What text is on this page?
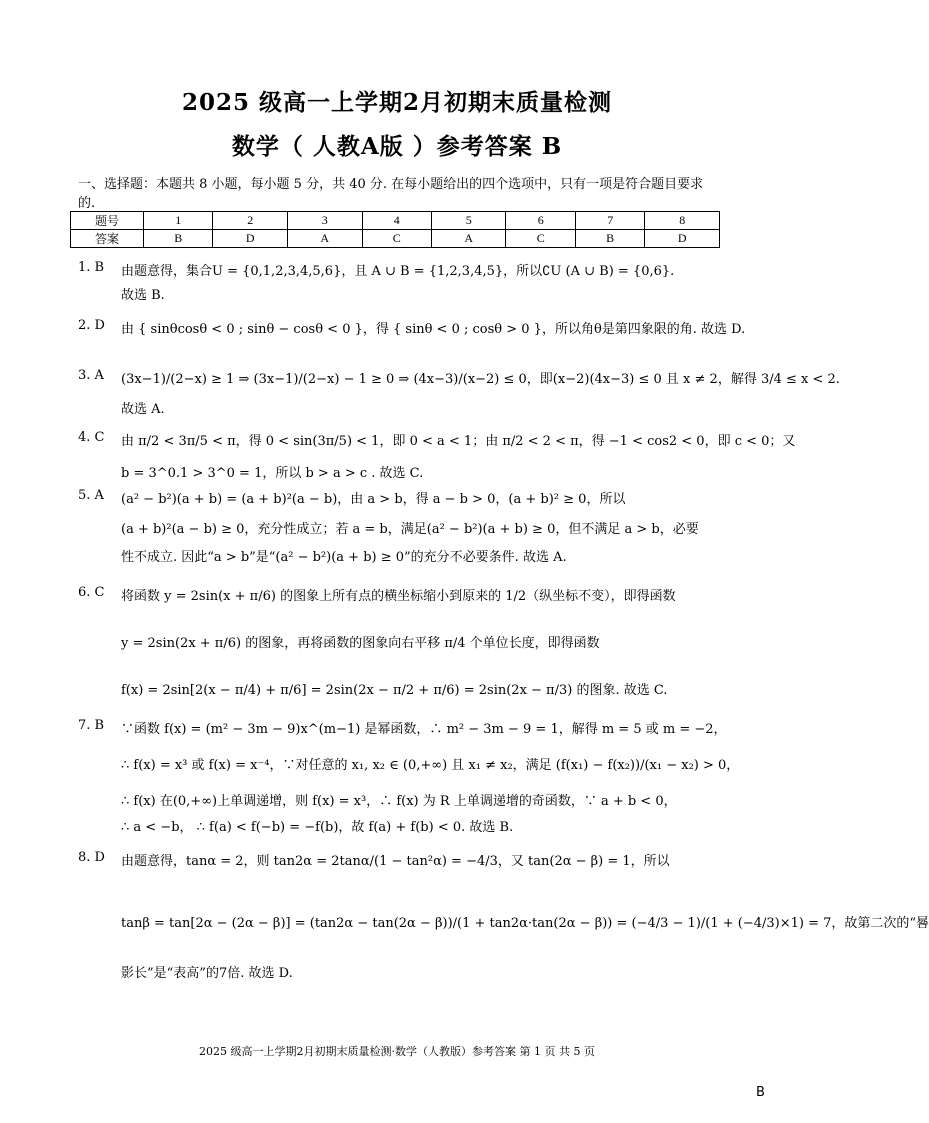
2025 级高一上学期2月初期末质量检测
数学（ 人教A版 ）参考答案 B
一、选择题：本题共 8 小题，每小题 5 分，共 40 分. 在每小题给出的四个选项中，只有一项是符合题目要求的.
题号	1	2	3	4	5	6	7	8
答案	B	D	A	C	A	C	B	D
1. B	由题意得，集合U = {0,1,2,3,4,5,6}，且 A ∪ B = {1,2,3,4,5}，所以∁U (A ∪ B) = {0,6}.
故选 B.
2. D 由 { sinθcosθ < 0 ; sinθ − cosθ < 0 }，得 { sinθ < 0 ; cosθ > 0 }，所以角θ是第四象限的角. 故选 D.
3. A	(3x−1)/(2−x) ≥ 1 ⇒ (3x−1)/(2−x) − 1 ≥ 0 ⇒ (4x−3)/(x−2) ≤ 0，即(x−2)(4x−3) ≤ 0 且 x ≠ 2，解得 3/4 ≤ x < 2.
故选 A.
4. C 由 π/2 < 3π/5 < π，得 0 < sin(3π/5) < 1，即 0 < a < 1；由 π/2 < 2 < π，得 −1 < cos2 < 0，即 c < 0；又
b = 3^0.1 > 3^0 = 1，所以 b > a > c . 故选 C.
5. A	(a² − b²)(a + b) = (a + b)²(a − b)，由 a > b，得 a − b > 0，(a + b)² ≥ 0，所以
(a + b)²(a − b) ≥ 0，充分性成立；若 a = b，满足(a² − b²)(a + b) ≥ 0，但不满足 a > b，必要
性不成立. 因此“a > b”是“(a² − b²)(a + b) ≥ 0”的充分不必要条件. 故选 A.
6. C 将函数 y = 2sin(x + π/6) 的图象上所有点的横坐标缩小到原来的 1/2（纵坐标不变），即得函数
y = 2sin(2x + π/6) 的图象，再将函数的图象向右平移 π/4 个单位长度，即得函数
f(x) = 2sin[2(x − π/4) + π/6] = 2sin(2x − π/2 + π/6) = 2sin(2x − π/3) 的图象. 故选 C.
7. B	∵函数 f(x) = (m² − 3m − 9)x^(m−1) 是幂函数，∴ m² − 3m − 9 = 1，解得 m = 5 或 m = −2，
∴ f(x) = x³ 或 f(x) = x⁻⁴，∵对任意的 x₁, x₂ ∈ (0,+∞) 且 x₁ ≠ x₂，满足 (f(x₁) − f(x₂))/(x₁ − x₂) > 0，
∴ f(x) 在(0,+∞)上单调递增，则 f(x) = x³，∴ f(x) 为 R 上单调递增的奇函数，∵ a + b < 0，
∴ a < −b， ∴ f(a) < f(−b) = −f(b)，故 f(a) + f(b) < 0. 故选 B.
8. D 由题意得，tanα = 2，则 tan2α = 2tanα/(1 − tan²α) = −4/3，又 tan(2α − β) = 1，所以
tanβ = tan[2α − (2α − β)] = (tan2α − tan(2α − β))/(1 + tan2α·tan(2α − β)) = (−4/3 − 1)/(1 + (−4/3)×1) = 7，故第二次的“晷
影长”是“表高”的7倍. 故选 D.
2025 级高一上学期2月初期末质量检测·数学（人教版）参考答案 第 1 页 共 5 页
B
